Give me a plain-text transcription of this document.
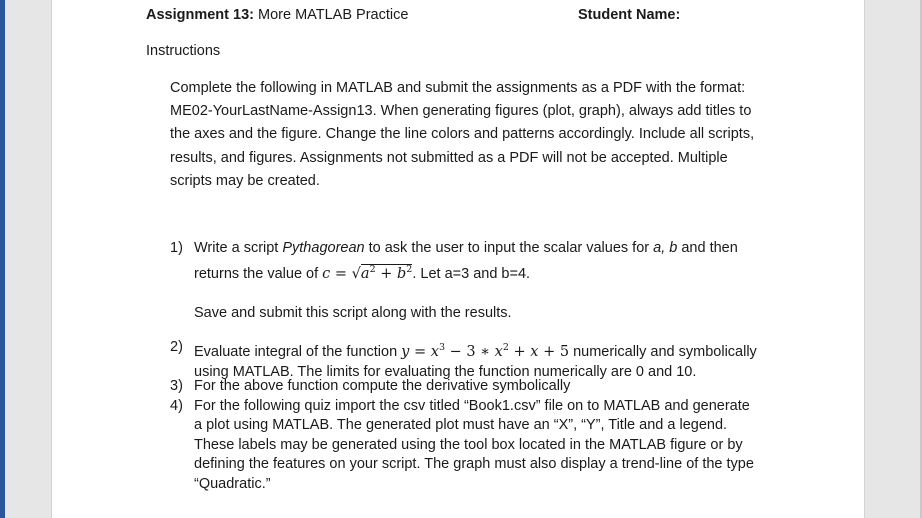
Assignment 13: More MATLAB Practice	Student Name:
Instructions
Complete the following in MATLAB and submit the assignments as a PDF with the format:
ME02-YourLastName-Assign13. When generating figures (plot, graph), always add titles to
the axes and the figure. Change the line colors and patterns accordingly. Include all scripts,
results, and figures. Assignments not submitted as a PDF will not be accepted. Multiple
scripts may be created.
1) Write a script Pythagorean to ask the user to input the scalar values for a, b and then
returns the value of $c = √a^2 + b^2$. Let a=3 and b=4.
Save and submit this script along with the results.
2) Evaluate integral of the function $y = x^3 - 3$ ∗ $x^2 + x + 5$ numerically and symbolically
using MATLAB. The limits for evaluating the function numerically are 0 and 10.
3) For the above function compute the derivative symbolically
4) For the following quiz import the csv titled “Book1.csv” file on to MATLAB and generate
a plot using MATLAB. The generated plot must have an “X”, “Y”, Title and a legend.
These labels may be generated using the tool box located in the MATLAB figure or by
defining the features on your script. The graph must also display a trend-line of the type
“Quadratic.”
